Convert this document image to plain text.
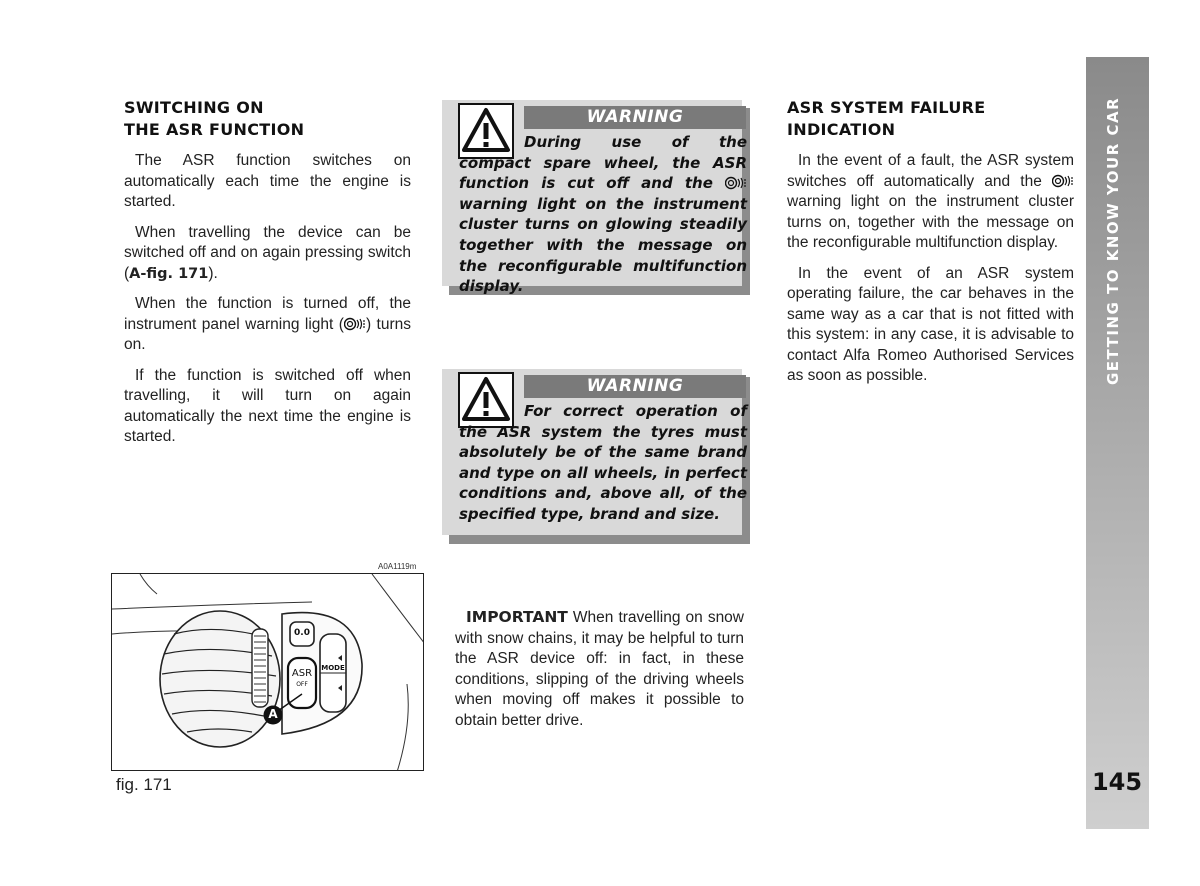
SWITCHING ON
THE ASR FUNCTION

The ASR function switches on automatically each time the engine is started.

When travelling the device can be switched off and on again pressing switch (A-fig. 171).

When the function is turned off, the instrument panel warning light ( ) turns on.

If the function is switched off when travelling, it will turn on again automatically the next time the engine is started.

WARNING
During use of the compact spare wheel, the ASR function is cut off and the  warning light on the instrument cluster turns on glowing steadily together with the message on the reconfigurable multifunction display.
WARNING
For correct operation of the ASR system the tyres must absolutely be of the same brand and type on all wheels, in perfect conditions and, above all, of the specified type, brand and size.
A0A1119m
0.0
ASR
OFF
MODE
A
fig. 171
IMPORTANT When travelling on snow with snow chains, it may be helpful to turn the ASR device off: in fact, in these conditions, slipping of the driving wheels when moving off makes it possible to obtain better drive.
ASR SYSTEM FAILURE
INDICATION

In the event of a fault, the ASR system switches off automatically and the  warning light on the instrument cluster turns on, together with the message on the reconfigurable multifunction display.

In the event of an ASR system operating failure, the car behaves in the same way as a car that is not fitted with this system: in any case, it is advisable to contact Alfa Romeo Authorised Services as soon as possible.	GETTING TO KNOW YOUR CAR
145
